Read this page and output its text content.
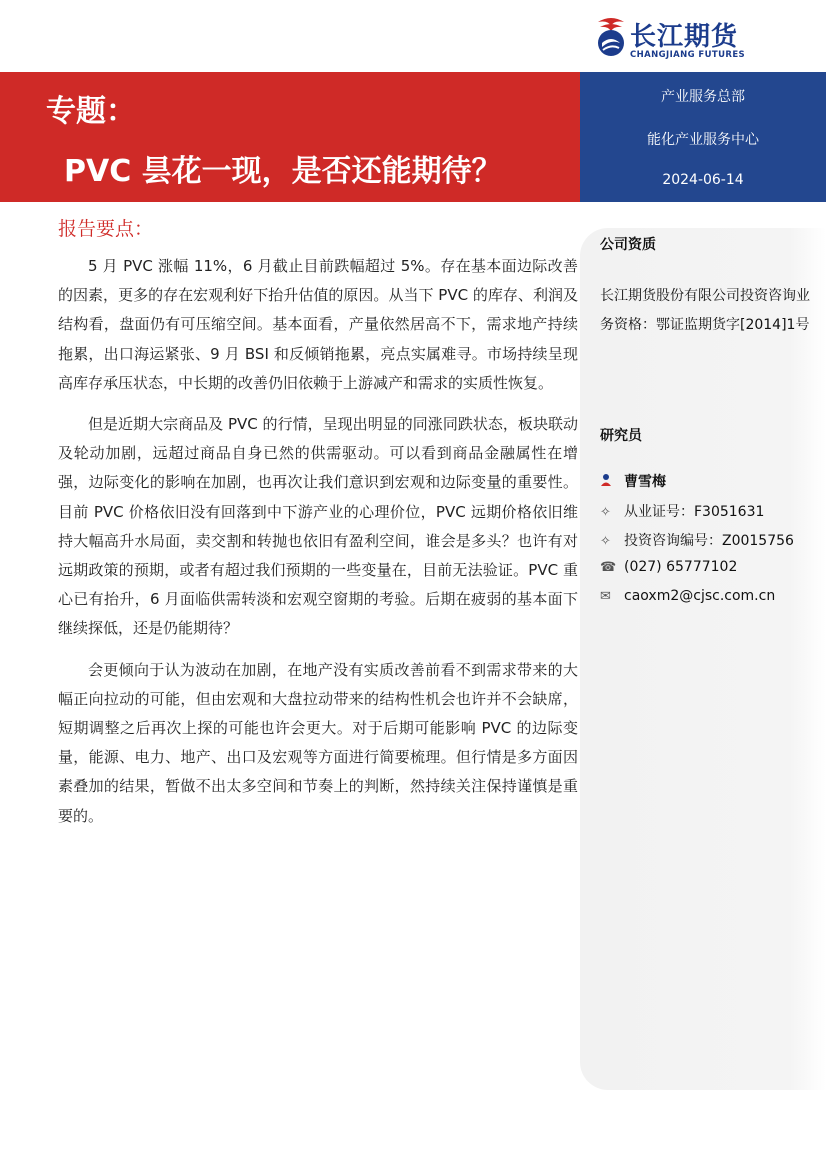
长江期货
CHANGJIANG FUTURES
专题：
PVC 昙花一现，是否还能期待？
产业服务总部
能化产业服务中心
2024-06-14
报告要点：

5 月 PVC 涨幅 11%，6 月截止目前跌幅超过 5%。存在基本面边际改善的因素，更多的存在宏观利好下抬升估值的原因。从当下 PVC 的库存、利润及结构看，盘面仍有可压缩空间。基本面看，产量依然居高不下，需求地产持续拖累，出口海运紧张、9 月 BSI 和反倾销拖累，亮点实属难寻。市场持续呈现高库存承压状态，中长期的改善仍旧依赖于上游减产和需求的实质性恢复。

但是近期大宗商品及 PVC 的行情，呈现出明显的同涨同跌状态，板块联动及轮动加剧，远超过商品自身已然的供需驱动。可以看到商品金融属性在增强，边际变化的影响在加剧，也再次让我们意识到宏观和边际变量的重要性。目前 PVC 价格依旧没有回落到中下游产业的心理价位，PVC 远期价格依旧维持大幅高升水局面，卖交割和转抛也依旧有盈利空间，谁会是多头？也许有对远期政策的预期，或者有超过我们预期的一些变量在，目前无法验证。PVC 重心已有抬升，6 月面临供需转淡和宏观空窗期的考验。后期在疲弱的基本面下继续探低，还是仍能期待？

会更倾向于认为波动在加剧，在地产没有实质改善前看不到需求带来的大幅正向拉动的可能，但由宏观和大盘拉动带来的结构性机会也许并不会缺席，短期调整之后再次上探的可能也许会更大。对于后期可能影响 PVC 的边际变量，能源、电力、地产、出口及宏观等方面进行简要梳理。但行情是多方面因素叠加的结果，暂做不出太多空间和节奏上的判断，然持续关注保持谨慎是重要的。

公司资质
长江期货股份有限公司投资咨询业务资格：鄂证监期货字[2014]1号
研究员
曹雪梅
✧ 从业证号：F3051631
✧ 投资咨询编号：Z0015756
☎ (027) 65777102
✉ caoxm2@cjsc.com.cn
